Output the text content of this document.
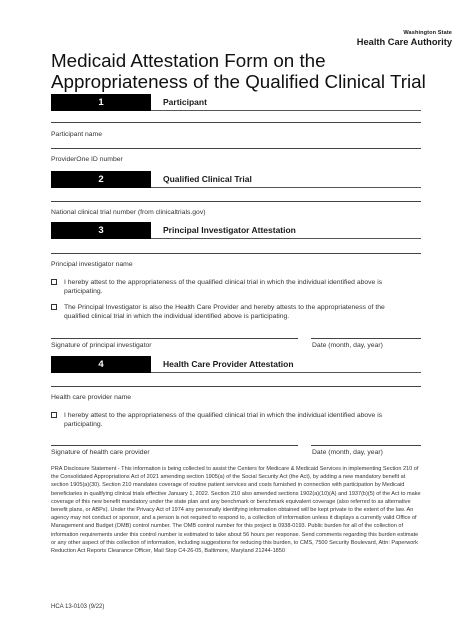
Washington State
Health Care Authority
Medicaid Attestation Form on the Appropriateness of the Qualified Clinical Trial
1	Participant
Participant name
ProviderOne ID number
2	Qualified Clinical Trial
National clinical trial number (from clinicaltrials.gov)
3	Principal Investigator Attestation
Principal investigator name
I hereby attest to the appropriateness of the qualified clinical trial in which the individual identified above is participating.
The Principal Investigator is also the Health Care Provider and hereby attests to the appropriateness of the qualified clinical trial in which the individual identified above is participating.
Signature of principal investigator	Date (month, day, year)
4	Health Care Provider Attestation
Health care provider name
I hereby attest to the appropriateness of the qualified clinical trial in which the individual identified above is participating.
Signature of health care provider	Date (month, day, year)
PRA Disclosure Statement - This information is being collected to assist the Centers for Medicare & Medicaid Services in implementing Section 210 of the Consolidated Appropriations Act of 2021 amending section 1905(a) of the Social Security Act (the Act), by adding a new mandatory benefit at section 1905(a)(30). Section 210 mandates coverage of routine patient services and costs furnished in connection with participation by Medicaid beneficiaries in qualifying clinical trials effective January 1, 2022. Section 210 also amended sections 1902(a)(10)(A) and 1937(b)(5) of the Act to make coverage of this new benefit mandatory under the state plan and any benchmark or benchmark equivalent coverage (also referred to as alternative benefit plans, or ABPs). Under the Privacy Act of 1974 any personally identifying information obtained will be kept private to the extent of the law. An agency may not conduct or sponsor, and a person is not required to respond to, a collection of information unless it displays a currently valid Office of Management and Budget (OMB) control number. The OMB control number for this project is 0938-0193. Public burden for all of the collection of information requirements under this control number is estimated to take about 56 hours per response. Send comments regarding this burden estimate or any other aspect of this collection of information, including suggestions for reducing this burden, to CMS, 7500 Security Boulevard, Attn: Paperwork Reduction Act Reports Clearance Officer, Mail Stop C4-26-05, Baltimore, Maryland 21244-1850
HCA 13-0103 (9/22)
